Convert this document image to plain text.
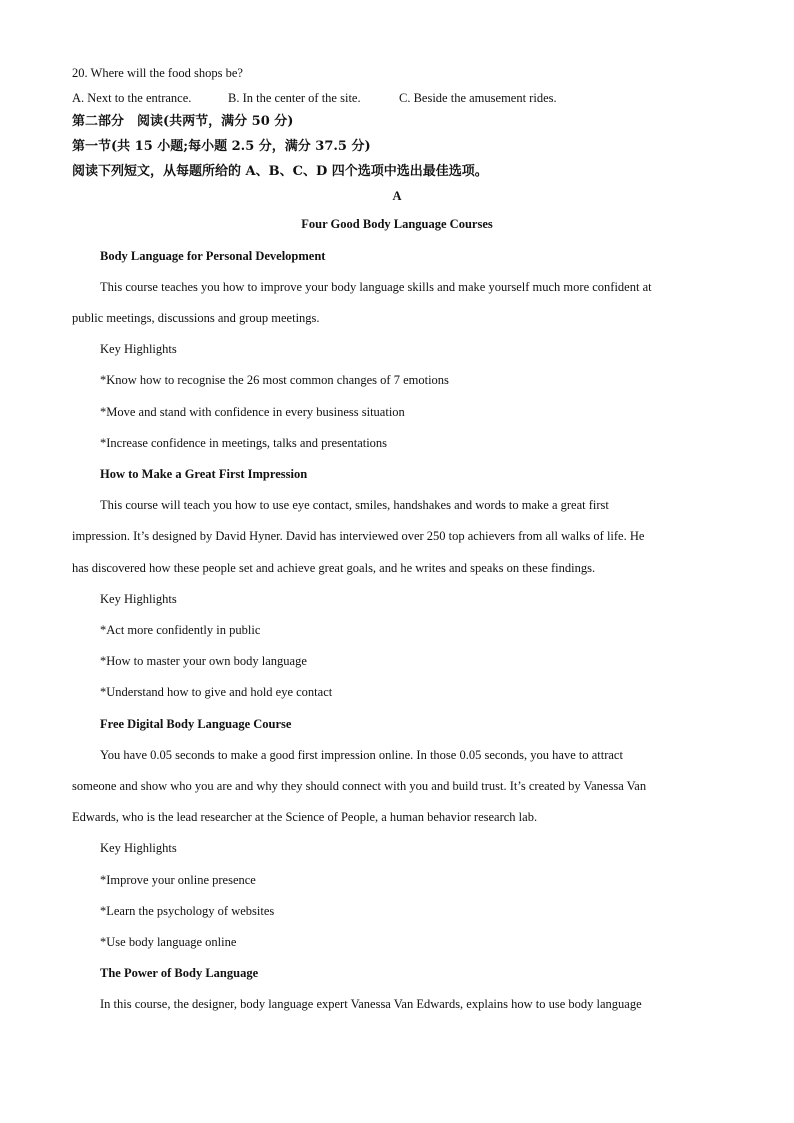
20. Where will the food shops be?
A. Next to the entrance.	B. In the center of the site.	C. Beside the amusement rides.
第二部分　阅读(共两节，满分 50 分)
第一节(共 15 小题;每小题 2.5 分，满分 37.5 分)
阅读下列短文，从每题所给的 A、B、C、D 四个选项中选出最佳选项。
A
Four Good Body Language Courses
Body Language for Personal Development
This course teaches you how to improve your body language skills and make yourself much more confident at
public meetings, discussions and group meetings.
Key Highlights
*Know how to recognise the 26 most common changes of 7 emotions
*Move and stand with confidence in every business situation
*Increase confidence in meetings, talks and presentations
How to Make a Great First Impression
This course will teach you how to use eye contact, smiles, handshakes and words to make a great first
impression. It’s designed by David Hyner. David has interviewed over 250 top achievers from all walks of life. He
has discovered how these people set and achieve great goals, and he writes and speaks on these findings.
Key Highlights
*Act more confidently in public
*How to master your own body language
*Understand how to give and hold eye contact
Free Digital Body Language Course
You have 0.05 seconds to make a good first impression online. In those 0.05 seconds, you have to attract
someone and show who you are and why they should connect with you and build trust. It’s created by Vanessa Van
Edwards, who is the lead researcher at the Science of People, a human behavior research lab.
Key Highlights
*Improve your online presence
*Learn the psychology of websites
*Use body language online
The Power of Body Language
In this course, the designer, body language expert Vanessa Van Edwards, explains how to use body language
